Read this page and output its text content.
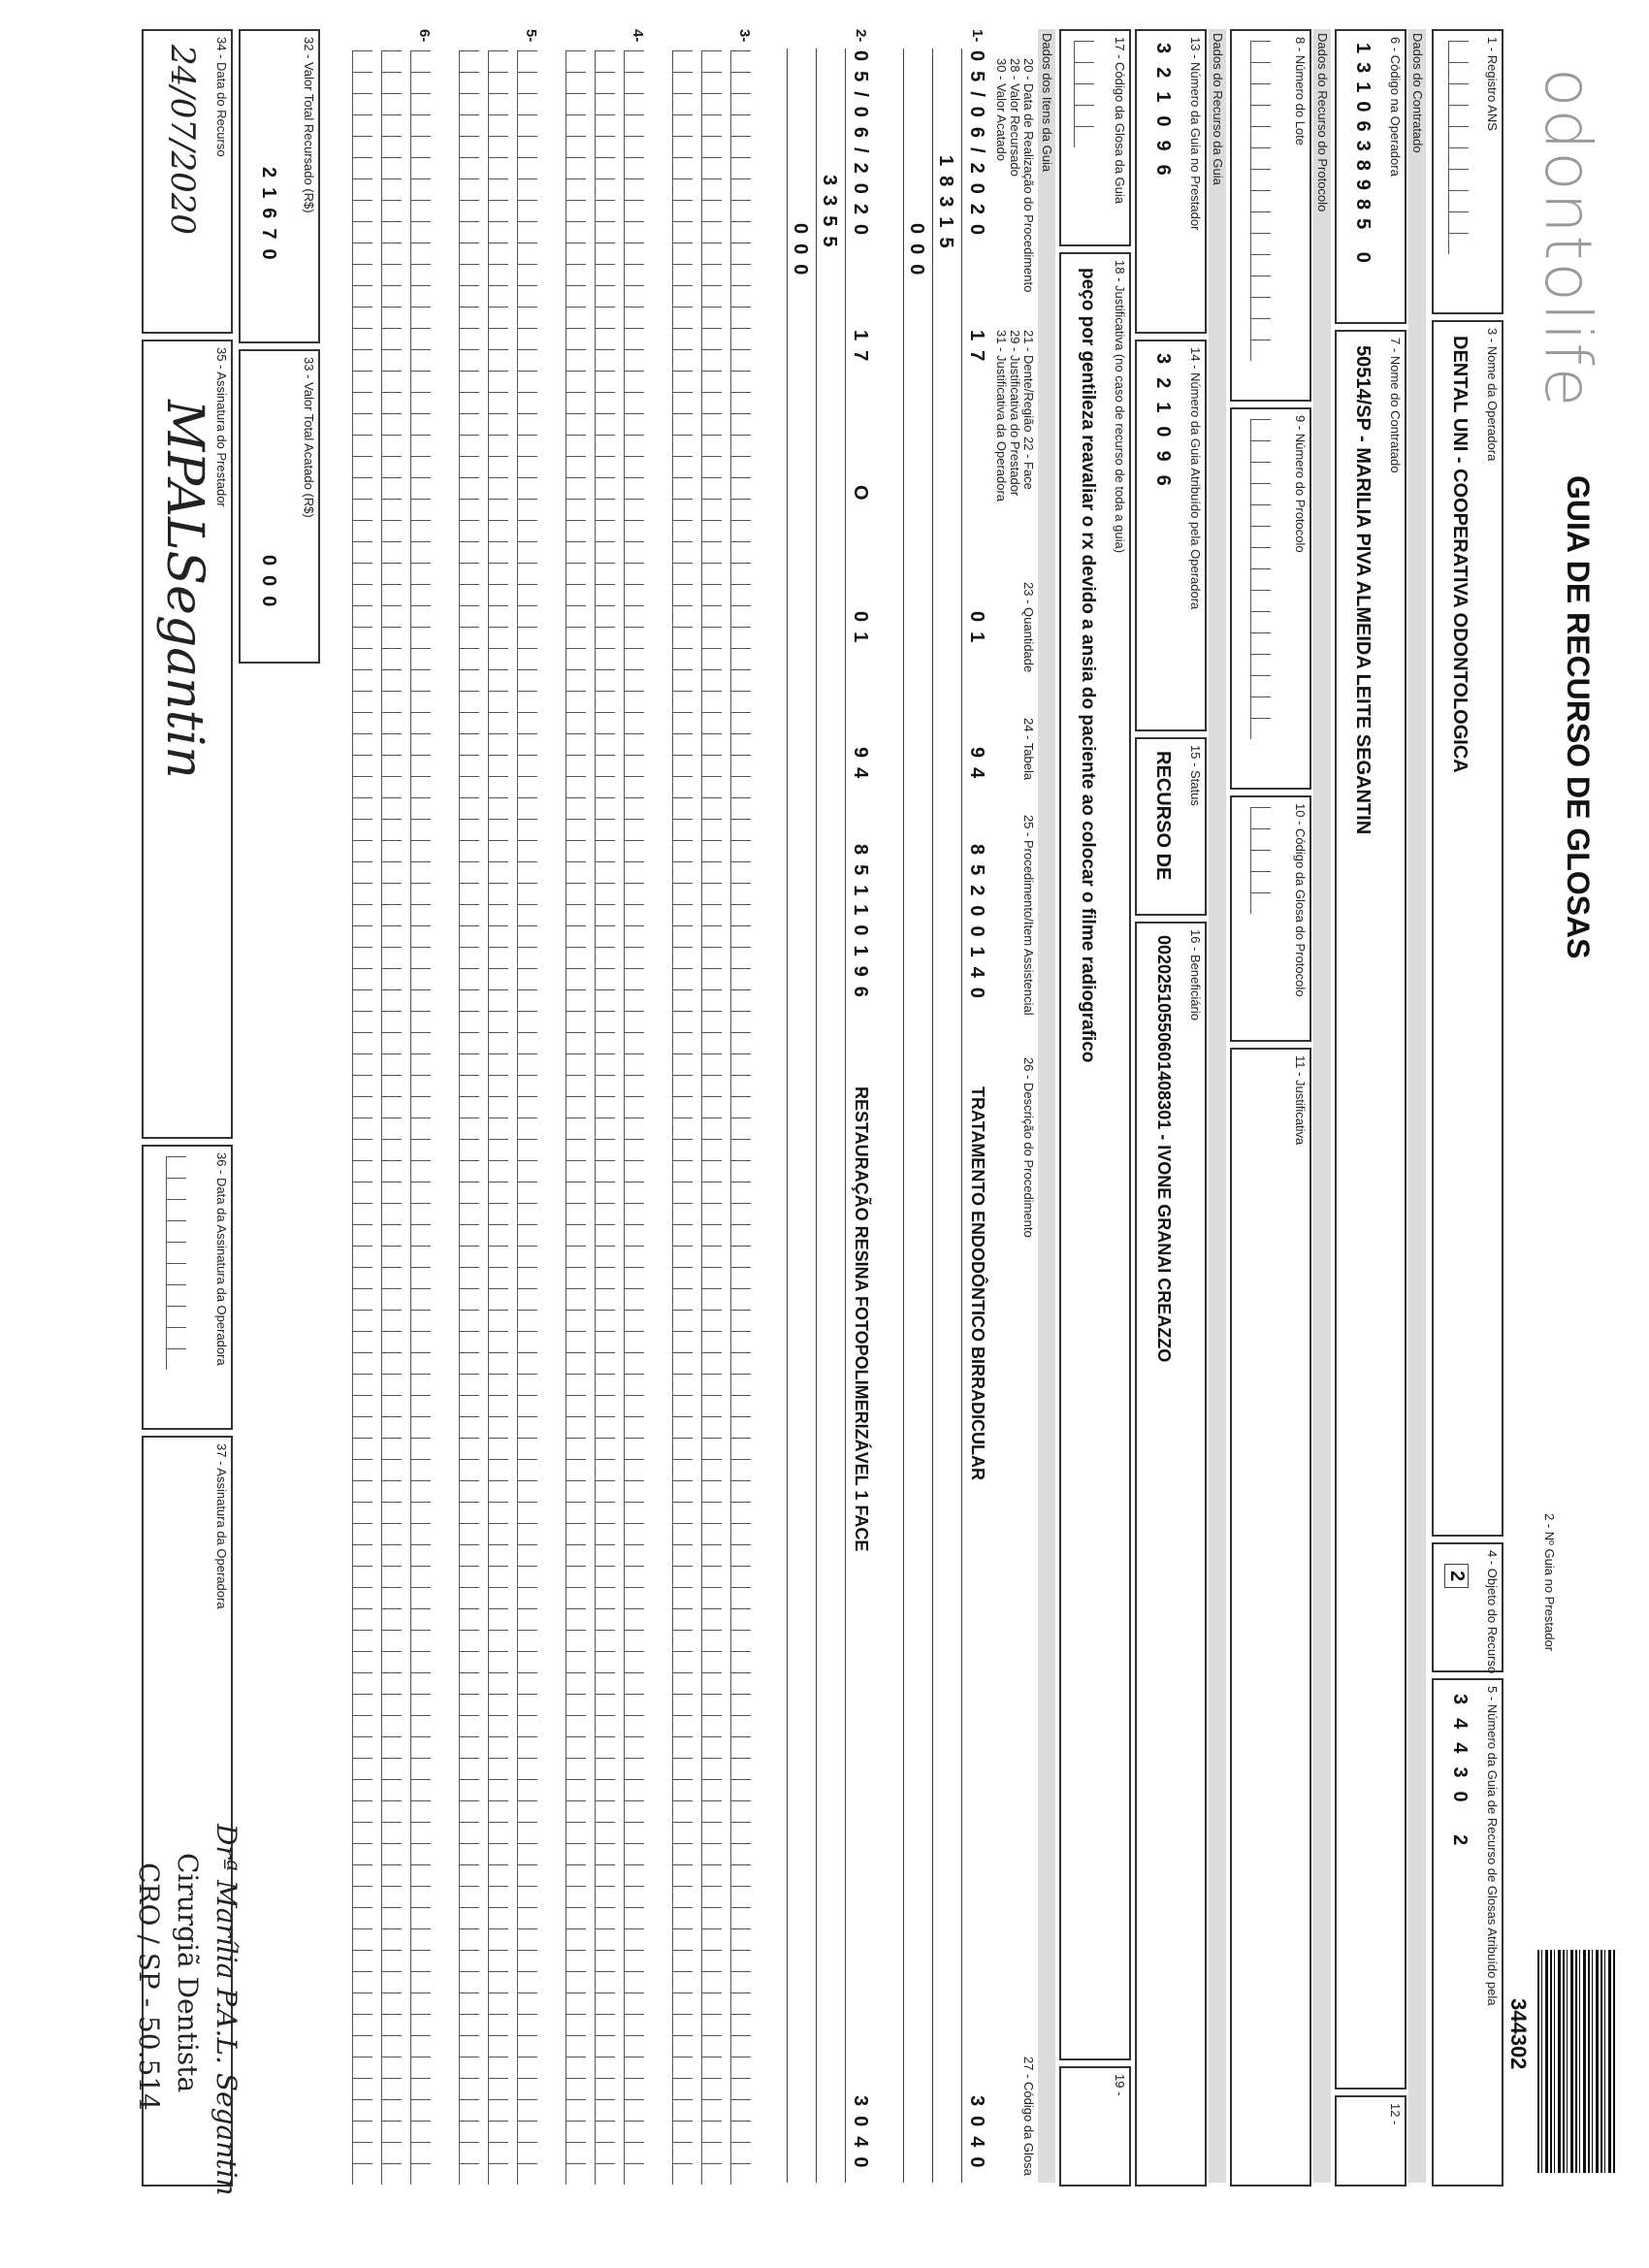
odontolife
GUIA DE RECURSO DE GLOSAS
2 - Nº Guia no Prestador
344302
1 - Registro ANS
3 - Nome da Operadora
DENTAL UNI - COOPERATIVA ODONTOLOGICA
4 - Objeto do Recurso
2
5 - Número da Guia de Recurso de Glosas Atribuído pela
34430 2
Dados do Contratado
6 - Código na Operadora
1310638985 0
7 - Nome do Contratado
50514/SP - MARILIA PIVA ALMEIDA LEITE SEGANTIN
12 -
Dados do Recurso do Protocolo
8 - Número do Lote
9 - Número do Protocolo
10 - Código da Glosa do Protocolo
11 - Justificativa
Dados do Recurso da Guia
13 - Número da Guia no Prestador
321096
14 - Número da Guia Atribuído pela Operadora
321096
15 - Status
RECURSO DE
16 - Beneficiário
00202510550601408301 - IVONE GRANAI CREAZZO
17 - Código da Glosa da Guia
18 - Justificativa (no caso de recurso de toda a guia)
peço por gentileza reavaliar o rx devido a ansia do paciente ao colocar o filme radiografico
19 -
Dados dos Itens da Guia
20 - Data de Realização do Procedimento
21 - Dente/Região
22 - Face
23 - Quantidade
24 - Tabela
25 - Procedimento/Item Assistencial
26 - Descrição do Procedimento
27 - Código da Glosa
28 - Valor Recursado
29 - Justificativa do Prestador
30 - Valor Acatado
31 - Justificativa da Operadora
1-
05/06/2020
17
01
94
85200140
TRATAMENTO ENDODÔNTICO BIRRADICULAR
3040
18315
000
2-
05/06/2020
17
O
01
94
85110196
RESTAURAÇÃO RESINA FOTOPOLIMERIZÁVEL 1 FACE
3040
3355
000
3-
4-
5-
6-
32 - Valor Total Recursado (R$)
21670
33 - Valor Total Acatado (R$)
000
34 - Data do Recurso
24/07/2020
35 - Assinatura do Prestador
MPALSegantin
36 - Data da Assinatura da Operadora
37 - Assinatura da Operadora
Drª Marília P.A.L. Segantin
Cirurgiã Dentista
CRO / SP - 50.514
